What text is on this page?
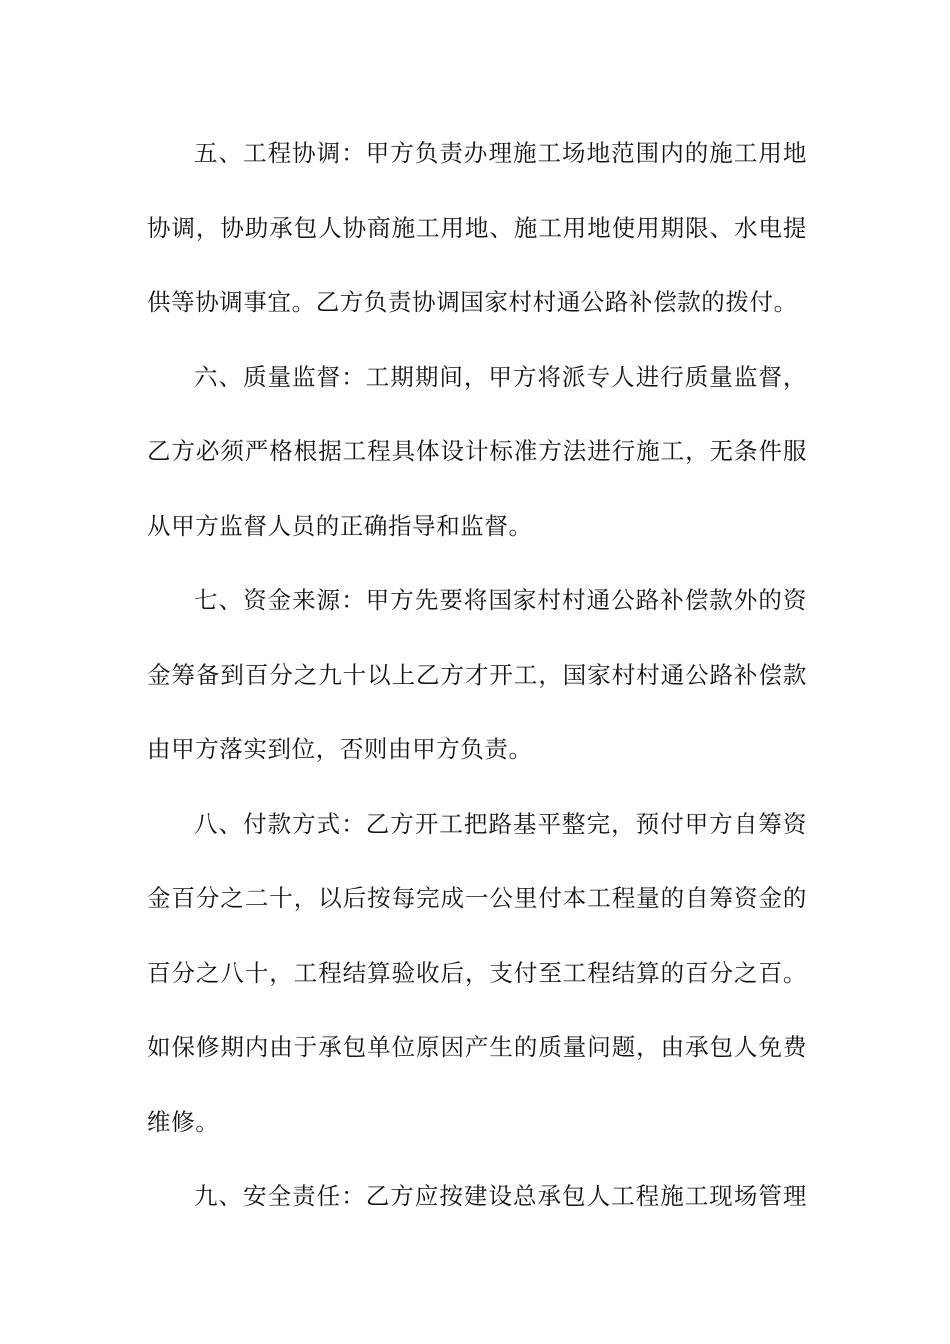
五、工程协调：甲方负责办理施工场地范围内的施工用地
协调，协助承包人协商施工用地、施工用地使用期限、水电提
供等协调事宜。乙方负责协调国家村村通公路补偿款的拨付。
六、质量监督：工期期间，甲方将派专人进行质量监督，
乙方必须严格根据工程具体设计标准方法进行施工，无条件服
从甲方监督人员的正确指导和监督。
七、资金来源：甲方先要将国家村村通公路补偿款外的资
金筹备到百分之九十以上乙方才开工，国家村村通公路补偿款
由甲方落实到位，否则由甲方负责。
八、付款方式：乙方开工把路基平整完，预付甲方自筹资
金百分之二十，以后按每完成一公里付本工程量的自筹资金的
百分之八十，工程结算验收后，支付至工程结算的百分之百。
如保修期内由于承包单位原因产生的质量问题，由承包人免费
维修。
九、安全责任：乙方应按建设总承包人工程施工现场管理
